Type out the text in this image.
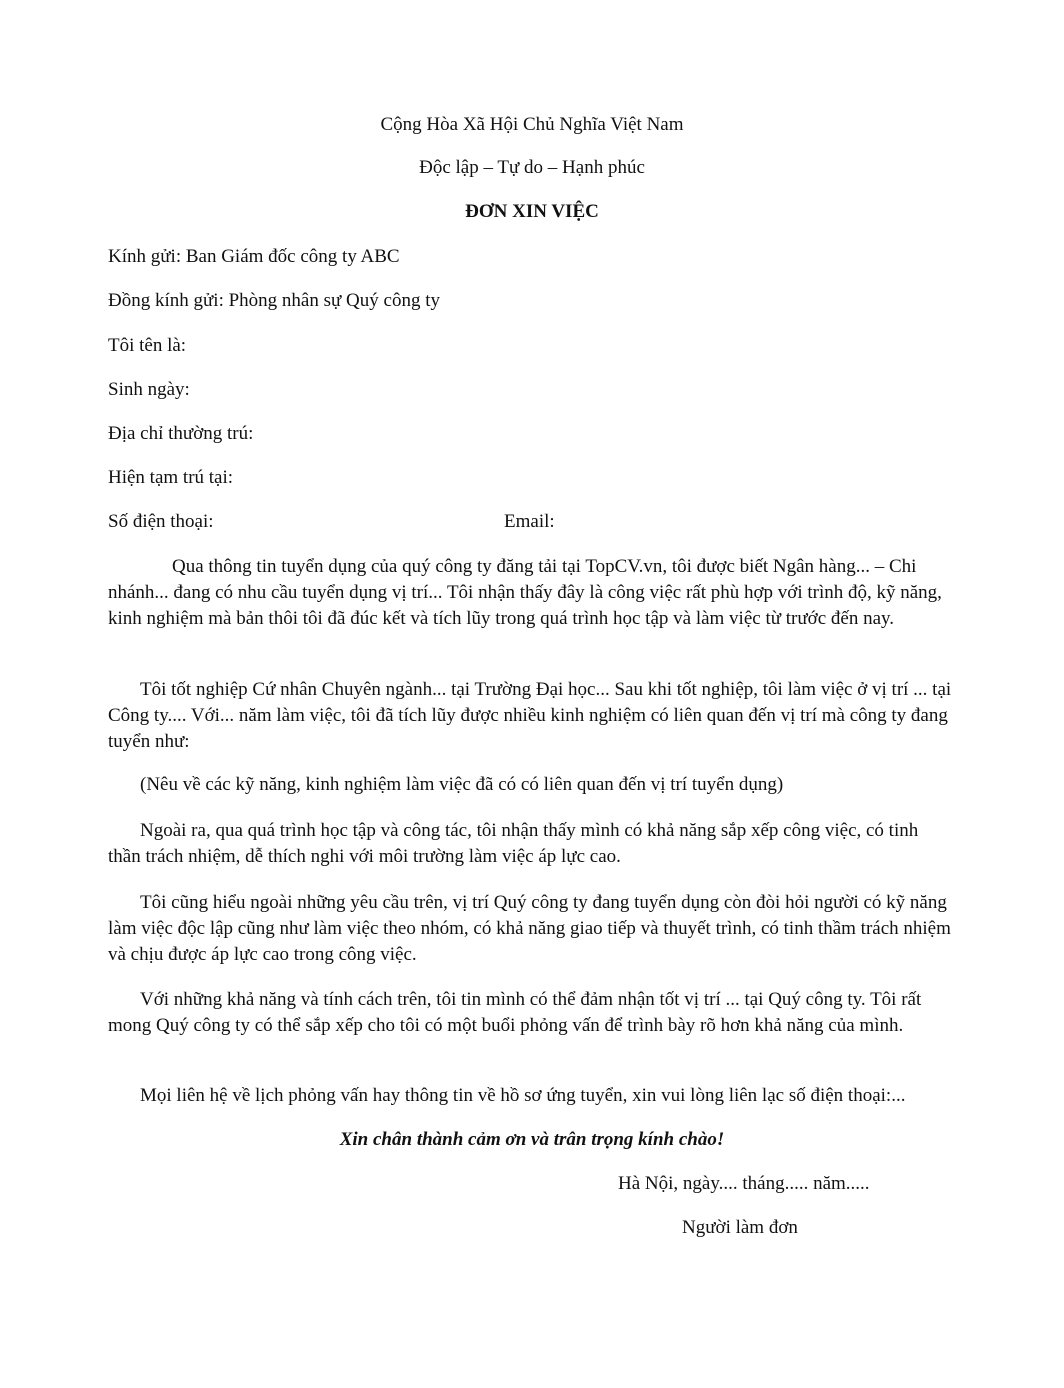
Cộng Hòa Xã Hội Chủ Nghĩa Việt Nam
Độc lập – Tự do – Hạnh phúc
ĐƠN XIN VIỆC
Kính gửi: Ban Giám đốc công ty ABC
Đồng kính gửi: Phòng nhân sự Quý công ty
Tôi tên là:
Sinh ngày:
Địa chỉ thường trú:
Hiện tạm trú tại:
Số điện thoại:	Email:
Qua thông tin tuyển dụng của quý công ty đăng tải tại TopCV.vn, tôi được biết Ngân hàng... – Chi nhánh... đang có nhu cầu tuyển dụng vị trí... Tôi nhận thấy đây là công việc rất phù hợp với trình độ, kỹ năng, kinh nghiệm mà bản thôi tôi đã đúc kết và tích lũy trong quá trình học tập và làm việc từ trước đến nay.
Tôi tốt nghiệp Cứ nhân Chuyên ngành... tại Trường Đại học... Sau khi tốt nghiệp, tôi làm việc ở vị trí ... tại Công ty.... Với... năm làm việc, tôi đã tích lũy được nhiều kinh nghiệm có liên quan đến vị trí mà công ty đang tuyển như:
(Nêu về các kỹ năng, kinh nghiệm làm việc đã có có liên quan đến vị trí tuyển dụng)
Ngoài ra, qua quá trình học tập và công tác, tôi nhận thấy mình có khả năng sắp xếp công việc, có tinh thần trách nhiệm, dễ thích nghi với môi trường làm việc áp lực cao.
Tôi cũng hiểu ngoài những yêu cầu trên, vị trí Quý công ty đang tuyển dụng còn đòi hỏi người có kỹ năng làm việc độc lập cũng như làm việc theo nhóm, có khả năng giao tiếp và thuyết trình, có tinh thầm trách nhiệm và chịu được áp lực cao trong công việc.
Với những khả năng và tính cách trên, tôi tin mình có thể đảm nhận tốt vị trí ... tại Quý công ty. Tôi rất mong Quý công ty có thể sắp xếp cho tôi có một buổi phỏng vấn để trình bày rõ hơn khả năng của mình.
Mọi liên hệ về lịch phỏng vấn hay thông tin về hồ sơ ứng tuyển, xin vui lòng liên lạc số điện thoại:...
Xin chân thành cảm ơn và trân trọng kính chào!
Hà Nội, ngày.... tháng..... năm.....
Người làm đơn
